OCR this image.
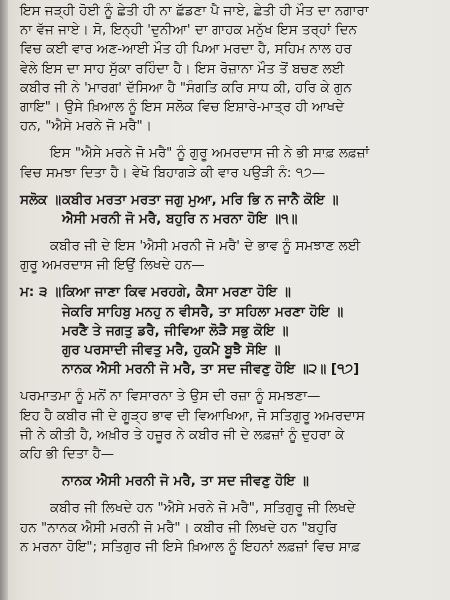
ਇਸ ਜੜ੍ਹੀ ਹੋਈ ਨੂੰ ਛੇਤੀ ਹੀ ਨਾ ਛੱਡਣਾ ਪੈ ਜਾਏ, ਛੇਤੀ ਹੀ ਮੌਤ ਦਾ ਨਗਾਰਾ
ਨਾ ਵੱਜ ਜਾਏ। ਸੋ, ਇਨ੍ਹੀ 'ਦੁਨੀਆ' ਦਾ ਗਾਹਕ ਮਨੁੱਖ ਇਸ ਤਰ੍ਹਾਂ ਦਿਨ
ਵਿਚ ਕਈ ਵਾਰ ਅਣ-ਆਈ ਮੌਤ ਹੀ ਪਿਆ ਮਰਦਾ ਹੈ, ਸਹਿਮ ਨਾਲ ਹਰ
ਵੇਲੇ ਇਸ ਦਾ ਸਾਹ ਸੁੱਕਾ ਰਹਿੰਦਾ ਹੈ। ਇਸ ਰੋਜ਼ਾਨਾ ਮੌਤ ਤੋਂ ਬਚਣ ਲਈ
ਕਬੀਰ ਜੀ ਨੇ 'ਮਾਰਗ' ਦੱਸਿਆ ਹੈ "ਸੰਗਤਿ ਕਰਿ ਸਾਧ ਕੀ, ਹਰਿ ਕੇ ਗੁਨ
ਗਾਇ"। ਉਸੇ ਖ਼ਿਆਲ ਨੂੰ ਇਸ ਸਲੋਕ ਵਿਚ ਇਸ਼ਾਰੇ-ਮਾਤ੍ਰ ਹੀ ਆਖਦੇ
ਹਨ, "ਐਸੇ ਮਰਨੇ ਜੋ ਮਰੈ"।
ਇਸ "ਐਸੇ ਮਰਨੇ ਜੋ ਮਰੈ" ਨੂੰ ਗੁਰੂ ਅਮਰਦਾਸ ਜੀ ਨੇ ਭੀ ਸਾਫ਼ ਲਫ਼ਜ਼ਾਂ
ਵਿਚ ਸਮਝਾ ਦਿਤਾ ਹੈ। ਵੇਖੋ ਬਿਹਾਗੜੇ ਕੀ ਵਾਰ ਪਉੜੀ ਨੰ: ੧੭—
ਸਲੋਕ ॥ਕਬੀਰ ਮਰਤਾ ਮਰਤਾ ਜਗੁ ਮੁਆ, ਮਰਿ ਭਿ ਨ ਜਾਨੈ ਕੋਇ ॥
ਐਸੀ ਮਰਨੀ ਜੋ ਮਰੈ, ਬਹੁਰਿ ਨ ਮਰਨਾ ਹੋਇ ॥੧॥
ਕਬੀਰ ਜੀ ਦੇ ਇਸ 'ਐਸੀ ਮਰਨੀ ਜੋ ਮਰੈ' ਦੇ ਭਾਵ ਨੂੰ ਸਮਝਾਣ ਲਈ
ਗੁਰੂ ਅਮਰਦਾਸ ਜੀ ਇਉਂ ਲਿਖਦੇ ਹਨ—
ਮ: ੩ ॥ਕਿਆ ਜਾਣਾ ਕਿਵ ਮਰਹਗੇ, ਕੈਸਾ ਮਰਣਾ ਹੋਇ ॥
ਜੇਕਰਿ ਸਾਹਿਬੁ ਮਨਹੁ ਨ ਵੀਸਰੈ, ਤਾ ਸਹਿਲਾ ਮਰਣਾ ਹੋਇ ॥
ਮਰਣੈ ਤੇ ਜਗਤੁ ਡਰੈ, ਜੀਵਿਆ ਲੋੜੈ ਸਭੁ ਕੋਇ ॥
ਗੁਰ ਪਰਸਾਦੀ ਜੀਵਤੁ ਮਰੈ, ਹੁਕਮੈ ਬੂਝੈ ਸੋਇ ॥
ਨਾਨਕ ਐਸੀ ਮਰਨੀ ਜੋ ਮਰੈ, ਤਾ ਸਦ ਜੀਵਣੁ ਹੋਇ ॥੨॥ [੧੭]
ਪਰਮਾਤਮਾ ਨੂੰ ਮਨੋਂ ਨਾ ਵਿਸਾਰਨਾ ਤੇ ਉਸ ਦੀ ਰਜ਼ਾ ਨੂੰ ਸਮਝਣਾ—
ਇਹ ਹੈ ਕਬੀਰ ਜੀ ਦੇ ਗੂੜ੍ਹ ਭਾਵ ਦੀ ਵਿਆਖਿਆ, ਜੋ ਸਤਿਗੁਰੂ ਅਮਰਦਾਸ
ਜੀ ਨੇ ਕੀਤੀ ਹੈ, ਅਖ਼ੀਰ ਤੇ ਹਜ਼ੂਰ ਨੇ ਕਬੀਰ ਜੀ ਦੇ ਲਫ਼ਜ਼ਾਂ ਨੂੰ ਦੁਹਰਾ ਕੇ
ਕਹਿ ਭੀ ਦਿਤਾ ਹੈ—
ਨਾਨਕ ਐਸੀ ਮਰਨੀ ਜੋ ਮਰੈ, ਤਾ ਸਦ ਜੀਵਣੁ ਹੋਇ ॥
ਕਬੀਰ ਜੀ ਲਿਖਦੇ ਹਨ "ਐਸੇ ਮਰਨੇ ਜੋ ਮਰੈ", ਸਤਿਗੁਰੂ ਜੀ ਲਿਖਦੇ
ਹਨ "ਨਾਨਕ ਐਸੀ ਮਰਨੀ ਜੋ ਮਰੈ"। ਕਬੀਰ ਜੀ ਲਿਖਦੇ ਹਨ "ਬਹੁਰਿ
ਨ ਮਰਨਾ ਹੋਇ"; ਸਤਿਗੁਰ ਜੀ ਇਸੇ ਖ਼ਿਆਲ ਨੂੰ ਇਹਨਾਂ ਲਫ਼ਜ਼ਾਂ ਵਿਚ ਸਾਫ਼
